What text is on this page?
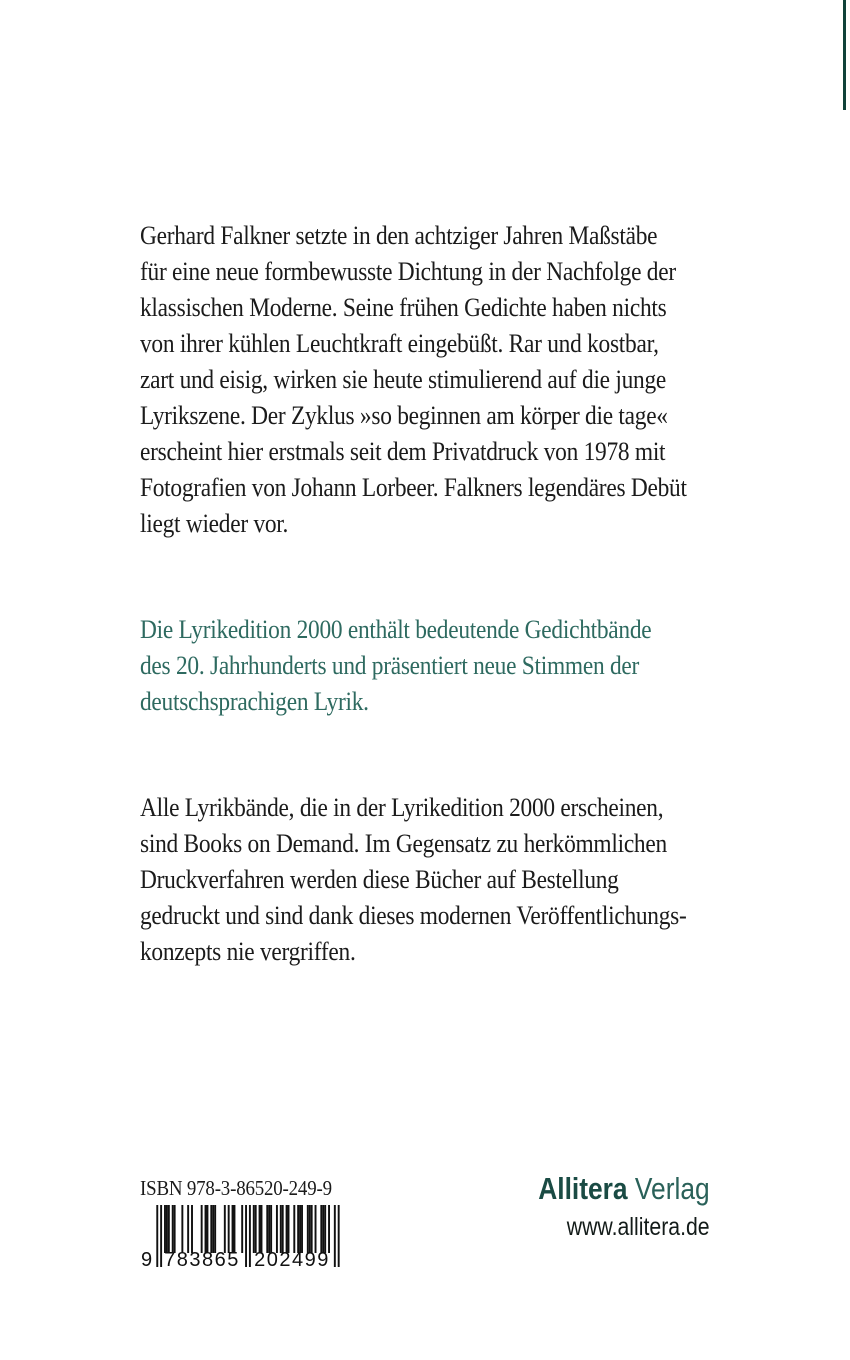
Gerhard Falkner setzte in den achtziger Jahren Maßstäbe
für eine neue formbewusste Dichtung in der Nachfolge der
klassischen Moderne. Seine frühen Gedichte haben nichts
von ihrer kühlen Leuchtkraft eingebüßt. Rar und kostbar,
zart und eisig, wirken sie heute stimulierend auf die junge
Lyrikszene. Der Zyklus »so beginnen am körper die tage«
erscheint hier erstmals seit dem Privatdruck von 1978 mit
Fotografien von Johann Lorbeer. Falkners legendäres Debüt
liegt wieder vor.
Die Lyrikedition 2000 enthält bedeutende Gedichtbände
des 20. Jahrhunderts und präsentiert neue Stimmen der
deutschsprachigen Lyrik.
Alle Lyrikbände, die in der Lyrikedition 2000 erscheinen,
sind Books on Demand. Im Gegensatz zu herkömmlichen
Druckverfahren werden diese Bücher auf Bestellung
gedruckt und sind dank dieses modernen Veröffentlichungs-
konzepts nie vergriffen.
ISBN 978-3-86520-249-9
9 783865 202499
Allitera Verlag
www.allitera.de
